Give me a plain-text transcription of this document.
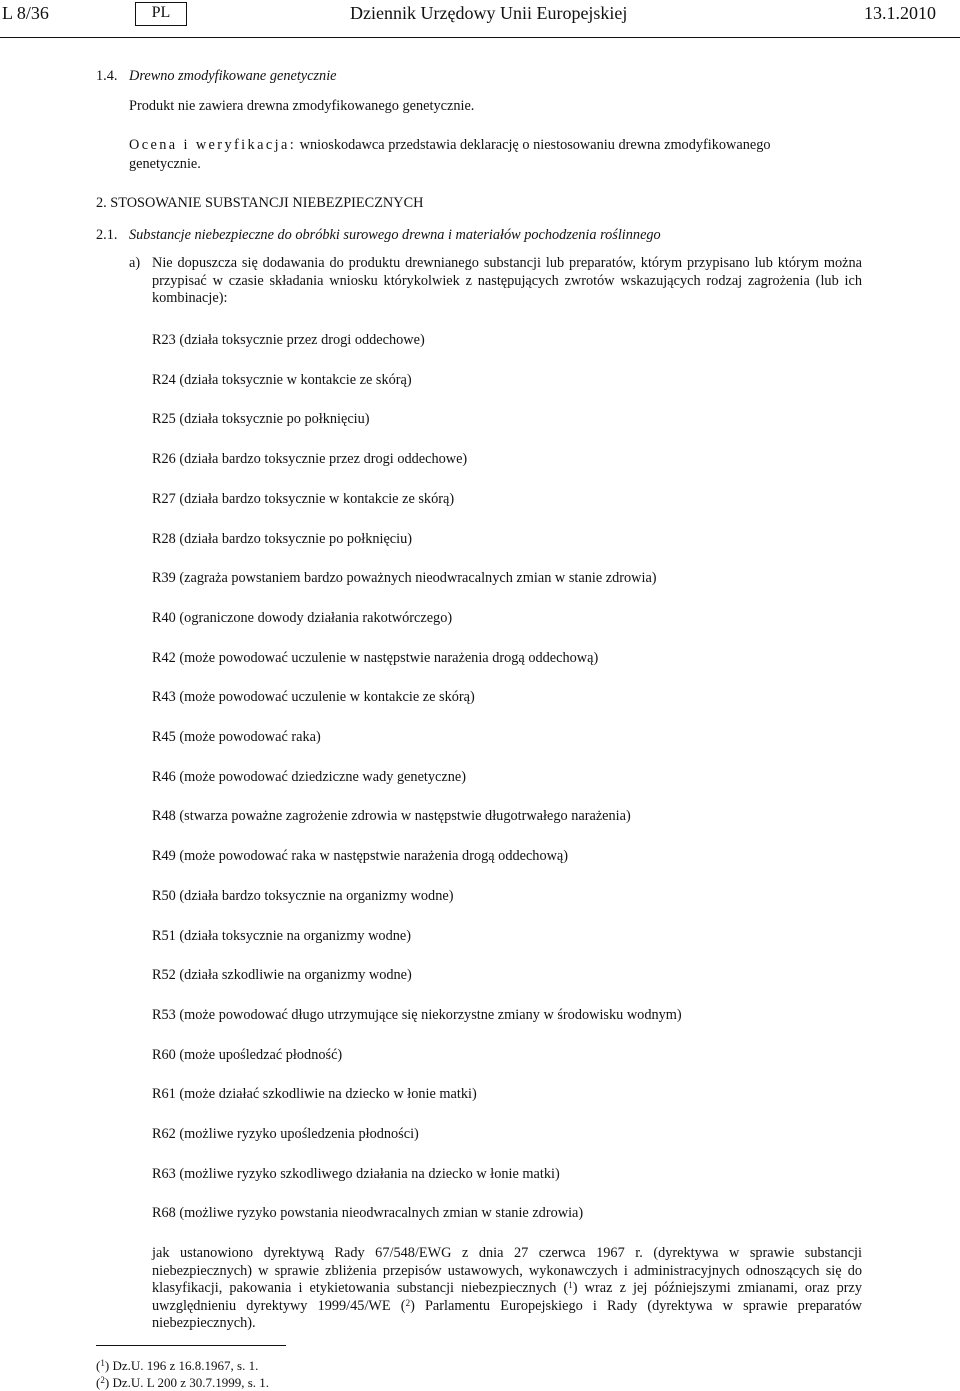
L 8/36	PL	Dziennik Urzędowy Unii Europejskiej	13.1.2010
1.4. Drewno zmodyfikowane genetycznie
Produkt nie zawiera drewna zmodyfikowanego genetycznie.
Ocena i weryfikacja: wnioskodawca przedstawia deklarację o niestosowaniu drewna zmodyfikowanego
genetycznie.
2. STOSOWANIE SUBSTANCJI NIEBEZPIECZNYCH
2.1. Substancje niebezpieczne do obróbki surowego drewna i materiałów pochodzenia roślinnego
a) Nie dopuszcza się dodawania do produktu drewnianego substancji lub preparatów, którym przypisano lub którym można przypisać w czasie składania wniosku którykolwiek z następujących zwrotów wskazujących rodzaj zagrożenia (lub ich kombinacje):
R23 (działa toksycznie przez drogi oddechowe)
R24 (działa toksycznie w kontakcie ze skórą)
R25 (działa toksycznie po połknięciu)
R26 (działa bardzo toksycznie przez drogi oddechowe)
R27 (działa bardzo toksycznie w kontakcie ze skórą)
R28 (działa bardzo toksycznie po połknięciu)
R39 (zagraża powstaniem bardzo poważnych nieodwracalnych zmian w stanie zdrowia)
R40 (ograniczone dowody działania rakotwórczego)
R42 (może powodować uczulenie w następstwie narażenia drogą oddechową)
R43 (może powodować uczulenie w kontakcie ze skórą)
R45 (może powodować raka)
R46 (może powodować dziedziczne wady genetyczne)
R48 (stwarza poważne zagrożenie zdrowia w następstwie długotrwałego narażenia)
R49 (może powodować raka w następstwie narażenia drogą oddechową)
R50 (działa bardzo toksycznie na organizmy wodne)
R51 (działa toksycznie na organizmy wodne)
R52 (działa szkodliwie na organizmy wodne)
R53 (może powodować długo utrzymujące się niekorzystne zmiany w środowisku wodnym)
R60 (może upośledzać płodność)
R61 (może działać szkodliwie na dziecko w łonie matki)
R62 (możliwe ryzyko upośledzenia płodności)
R63 (możliwe ryzyko szkodliwego działania na dziecko w łonie matki)
R68 (możliwe ryzyko powstania nieodwracalnych zmian w stanie zdrowia)
jak ustanowiono dyrektywą Rady 67/548/EWG z dnia 27 czerwca 1967 r. (dyrektywa w sprawie substancji niebezpiecznych) w sprawie zbliżenia przepisów ustawowych, wykonawczych i administracyjnych odnoszących się do klasyfikacji, pakowania i etykietowania substancji niebezpiecznych ($^1$) wraz z jej późniejszymi zmianami, oraz przy uwzględnieniu dyrektywy 1999/45/WE ($^2$) Parlamentu Europejskiego i Rady (dyrektywa w sprawie preparatów niebezpiecznych).
($^1$) Dz.U. 196 z 16.8.1967, s. 1.
($^2$) Dz.U. L 200 z 30.7.1999, s. 1.
